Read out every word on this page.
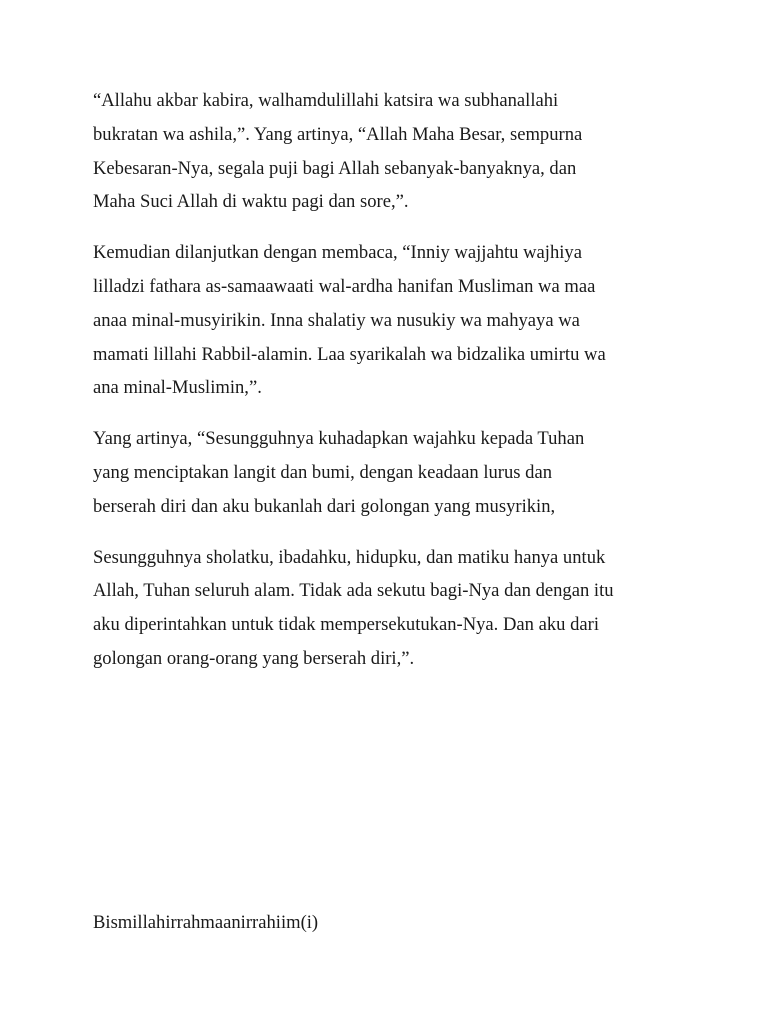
“Allahu akbar kabira, walhamdulillahi katsira wa subhanallahi
bukratan wa ashila,”. Yang artinya, “Allah Maha Besar, sempurna
Kebesaran-Nya, segala puji bagi Allah sebanyak-banyaknya, dan
Maha Suci Allah di waktu pagi dan sore,”.

Kemudian dilanjutkan dengan membaca, “Inniy wajjahtu wajhiya
lilladzi fathara as-samaawaati wal-ardha hanifan Musliman wa maa
anaa minal-musyirikin. Inna shalatiy wa nusukiy wa mahyaya wa
mamati lillahi Rabbil-alamin. Laa syarikalah wa bidzalika umirtu wa
ana minal-Muslimin,”.

Yang artinya, “Sesungguhnya kuhadapkan wajahku kepada Tuhan
yang menciptakan langit dan bumi, dengan keadaan lurus dan
berserah diri dan aku bukanlah dari golongan yang musyrikin,

Sesungguhnya sholatku, ibadahku, hidupku, dan matiku hanya untuk
Allah, Tuhan seluruh alam. Tidak ada sekutu bagi-Nya dan dengan itu
aku diperintahkan untuk tidak mempersekutukan-Nya. Dan aku dari
golongan orang-orang yang berserah diri,”.

Bismillahirrahmaanirrahiim(i)
